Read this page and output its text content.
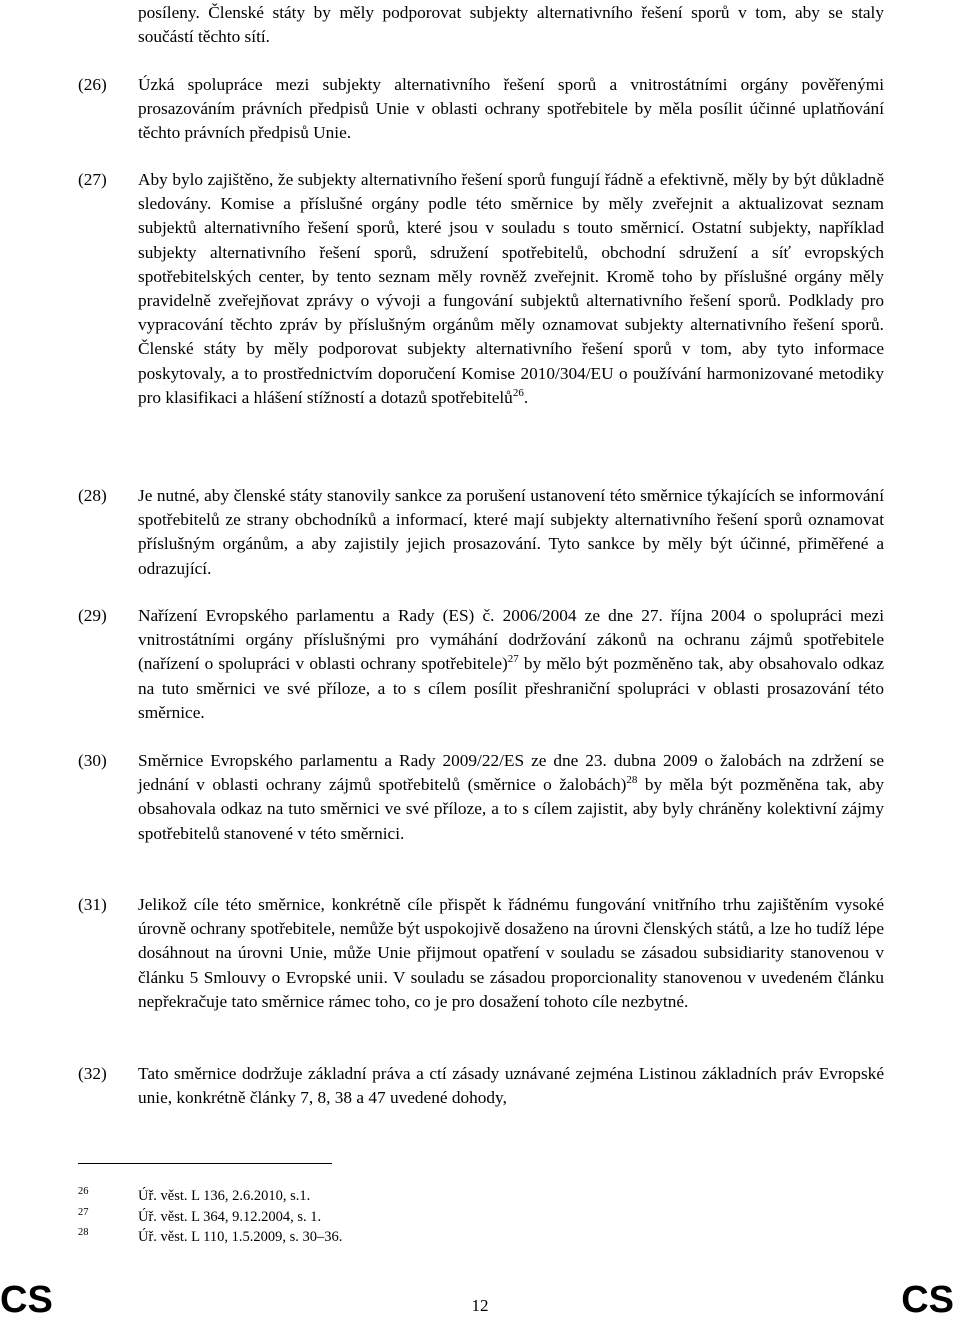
posíleny. Členské státy by měly podporovat subjekty alternativního řešení sporů v tom, aby se staly součástí těchto sítí.
(26)	Úzká spolupráce mezi subjekty alternativního řešení sporů a vnitrostátními orgány pověřenými prosazováním právních předpisů Unie v oblasti ochrany spotřebitele by měla posílit účinné uplatňování těchto právních předpisů Unie.
(27)	Aby bylo zajištěno, že subjekty alternativního řešení sporů fungují řádně a efektivně, měly by být důkladně sledovány. Komise a příslušné orgány podle této směrnice by měly zveřejnit a aktualizovat seznam subjektů alternativního řešení sporů, které jsou v souladu s touto směrnicí. Ostatní subjekty, například subjekty alternativního řešení sporů, sdružení spotřebitelů, obchodní sdružení a síť evropských spotřebitelských center, by tento seznam měly rovněž zveřejnit. Kromě toho by příslušné orgány měly pravidelně zveřejňovat zprávy o vývoji a fungování subjektů alternativního řešení sporů. Podklady pro vypracování těchto zpráv by příslušným orgánům měly oznamovat subjekty alternativního řešení sporů. Členské státy by měly podporovat subjekty alternativního řešení sporů v tom, aby tyto informace poskytovaly, a to prostřednictvím doporučení Komise 2010/304/EU o používání harmonizované metodiky pro klasifikaci a hlášení stížností a dotazů spotřebitelů$^{26}$.
(28)	Je nutné, aby členské státy stanovily sankce za porušení ustanovení této směrnice týkajících se informování spotřebitelů ze strany obchodníků a informací, které mají subjekty alternativního řešení sporů oznamovat příslušným orgánům, a aby zajistily jejich prosazování. Tyto sankce by měly být účinné, přiměřené a odrazující.
(29)	Nařízení Evropského parlamentu a Rady (ES) č. 2006/2004 ze dne 27. října 2004 o spolupráci mezi vnitrostátními orgány příslušnými pro vymáhání dodržování zákonů na ochranu zájmů spotřebitele (nařízení o spolupráci v oblasti ochrany spotřebitele)$^{27}$ by mělo být pozměněno tak, aby obsahovalo odkaz na tuto směrnici ve své příloze, a to s cílem posílit přeshraniční spolupráci v oblasti prosazování této směrnice.
(30)	Směrnice Evropského parlamentu a Rady 2009/22/ES ze dne 23. dubna 2009 o žalobách na zdržení se jednání v oblasti ochrany zájmů spotřebitelů (směrnice o žalobách)$^{28}$ by měla být pozměněna tak, aby obsahovala odkaz na tuto směrnici ve své příloze, a to s cílem zajistit, aby byly chráněny kolektivní zájmy spotřebitelů stanovené v této směrnici.
(31)	Jelikož cíle této směrnice, konkrétně cíle přispět k řádnému fungování vnitřního trhu zajištěním vysoké úrovně ochrany spotřebitele, nemůže být uspokojivě dosaženo na úrovni členských států, a lze ho tudíž lépe dosáhnout na úrovni Unie, může Unie přijmout opatření v souladu se zásadou subsidiarity stanovenou v článku 5 Smlouvy o Evropské unii. V souladu se zásadou proporcionality stanovenou v uvedeném článku nepřekračuje tato směrnice rámec toho, co je pro dosažení tohoto cíle nezbytné.
(32)	Tato směrnice dodržuje základní práva a ctí zásady uznávané zejména Listinou základních práv Evropské unie, konkrétně články 7, 8, 38 a 47 uvedené dohody,
26	Úř. věst. L 136, 2.6.2010, s.1.
27	Úř. věst. L 364, 9.12.2004, s. 1.
28	Úř. věst. L 110, 1.5.2009, s. 30–36.
CS	12	CS
